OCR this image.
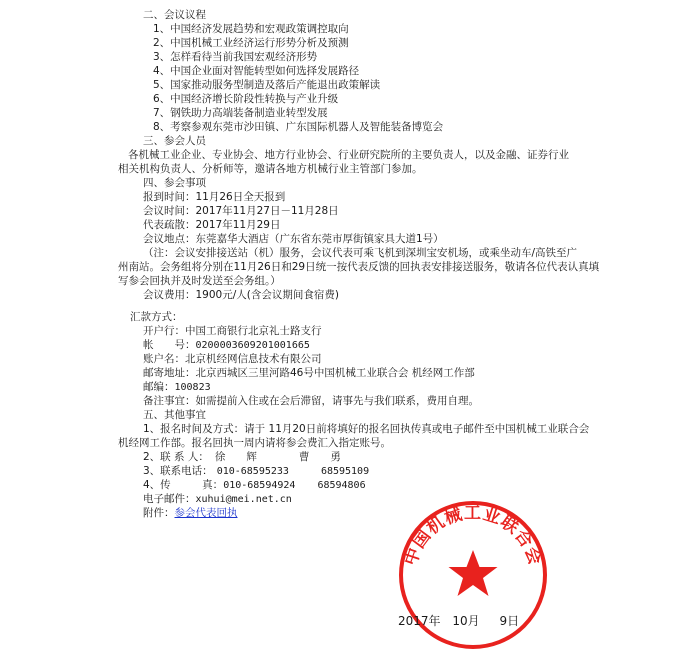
二、会议议程
1、中国经济发展趋势和宏观政策调控取向
2、中国机械工业经济运行形势分析及预测
3、怎样看待当前我国宏观经济形势
4、中国企业面对智能转型如何选择发展路径
5、国家推动服务型制造及落后产能退出政策解读
6、中国经济增长阶段性转换与产业升级
7、钢铁助力高端装备制造业转型发展
8、考察参观东莞市沙田镇、广东国际机器人及智能装备博览会
三、参会人员
各机械工业企业、专业协会、地方行业协会、行业研究院所的主要负责人，以及金融、证券行业
相关机构负责人、分析师等，邀请各地方机械行业主管部门参加。
四、参会事项
报到时间：11月26日全天报到
会议时间：2017年11月27日－11月28日
代表疏散：2017年11月29日
会议地点：东莞嘉华大酒店（广东省东莞市厚街镇家具大道1号）
（注：会议安排接送站（机）服务，会议代表可乘飞机到深圳宝安机场，或乘坐动车/高铁至广
州南站。会务组将分别在11月26日和29日统一按代表反馈的回执表安排接送服务，敬请各位代表认真填
写参会回执并及时发送至会务组。）
会议费用：1900元/人(含会议期间食宿费)
汇款方式：
开户行：中国工商银行北京礼士路支行
帐　　号：0200003609201001665
账户名：北京机经网信息技术有限公司
邮寄地址：北京西城区三里河路46号中国机械工业联合会 机经网工作部
邮编：100823
备注事宜：如需提前入住或在会后滞留，请事先与我们联系，费用自理。
五、其他事宜
1、报名时间及方式：请于 11月20日前将填好的报名回执传真或电子邮件至中国机械工业联合会
机经网工作部。报名回执一周内请将参会费汇入指定账号。
2、联 系 人： 徐　　辉　　　　曹　　勇
3、联系电话： 010-68595233	68595109
4、传　　　真：010-68594924 68594806
电子邮件：xuhui@mei.net.cn
附件：参会代表回执
中国机械工业联合会
2017年 10月 9日
